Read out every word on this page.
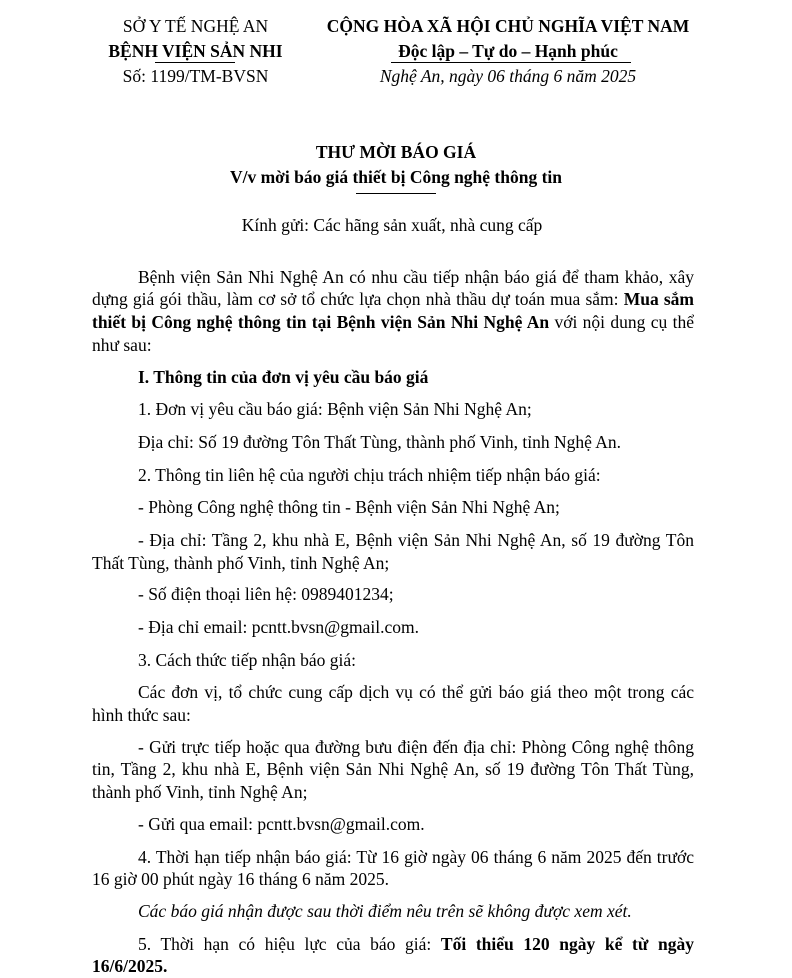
SỞ Y TẾ NGHỆ AN
BỆNH VIỆN SẢN NHI
Số: 1199/TM-BVSN
CỘNG HÒA XÃ HỘI CHỦ NGHĨA VIỆT NAM
Độc lập – Tự do – Hạnh phúc
Nghệ An, ngày 06 tháng 6 năm 2025
THƯ MỜI BÁO GIÁ
V/v mời báo giá thiết bị Công nghệ thông tin

Kính gửi: Các hãng sản xuất, nhà cung cấp

Bệnh viện Sản Nhi Nghệ An có nhu cầu tiếp nhận báo giá để tham khảo, xây dựng giá gói thầu, làm cơ sở tổ chức lựa chọn nhà thầu dự toán mua sắm: Mua sắm thiết bị Công nghệ thông tin tại Bệnh viện Sản Nhi Nghệ An với nội dung cụ thể như sau:

I. Thông tin của đơn vị yêu cầu báo giá

1. Đơn vị yêu cầu báo giá: Bệnh viện Sản Nhi Nghệ An;

Địa chỉ: Số 19 đường Tôn Thất Tùng, thành phố Vinh, tỉnh Nghệ An.

2. Thông tin liên hệ của người chịu trách nhiệm tiếp nhận báo giá:

- Phòng Công nghệ thông tin - Bệnh viện Sản Nhi Nghệ An;

- Địa chỉ: Tầng 2, khu nhà E, Bệnh viện Sản Nhi Nghệ An, số 19 đường Tôn Thất Tùng, thành phố Vinh, tỉnh Nghệ An;

- Số điện thoại liên hệ: 0989401234;

- Địa chỉ email: pcntt.bvsn@gmail.com.

3. Cách thức tiếp nhận báo giá:

Các đơn vị, tổ chức cung cấp dịch vụ có thể gửi báo giá theo một trong các hình thức sau:

- Gửi trực tiếp hoặc qua đường bưu điện đến địa chỉ: Phòng Công nghệ thông tin, Tầng 2, khu nhà E, Bệnh viện Sản Nhi Nghệ An, số 19 đường Tôn Thất Tùng, thành phố Vinh, tỉnh Nghệ An;

- Gửi qua email: pcntt.bvsn@gmail.com.

4. Thời hạn tiếp nhận báo giá: Từ 16 giờ ngày 06 tháng 6 năm 2025 đến trước 16 giờ 00 phút ngày 16 tháng 6 năm 2025.

Các báo giá nhận được sau thời điểm nêu trên sẽ không được xem xét.

5. Thời hạn có hiệu lực của báo giá: Tối thiểu 120 ngày kể từ ngày 16/6/2025.
